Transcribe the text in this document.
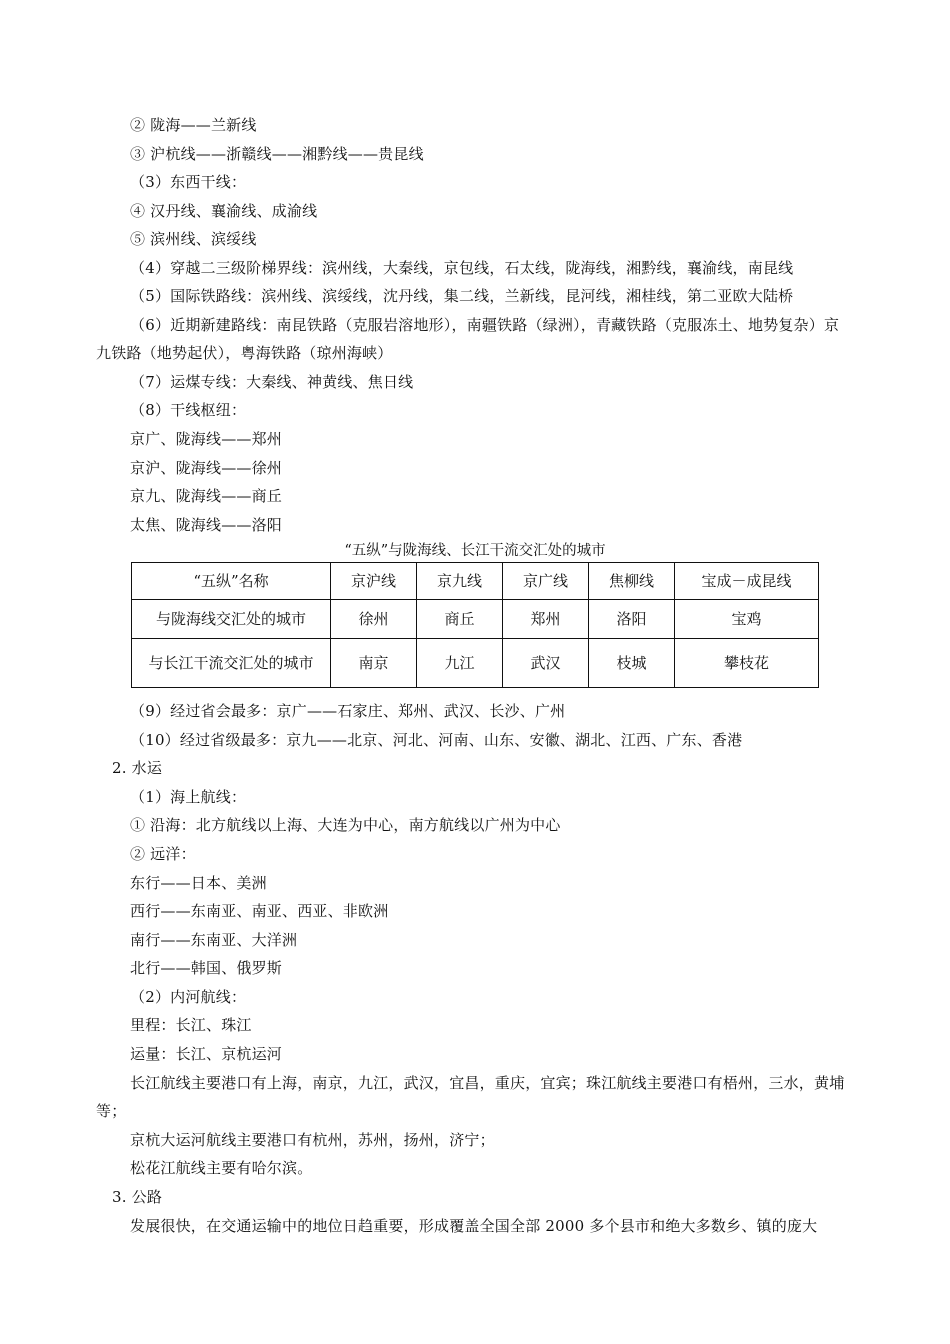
② 陇海——兰新线
③ 沪杭线——浙赣线——湘黔线——贵昆线
（3）东西干线：
④ 汉丹线、襄渝线、成渝线
⑤ 滨州线、滨绥线
（4）穿越二三级阶梯界线：滨州线，大秦线，京包线，石太线，陇海线，湘黔线，襄渝线，南昆线
（5）国际铁路线：滨州线、滨绥线，沈丹线，集二线，兰新线，昆河线，湘桂线，第二亚欧大陆桥
（6）近期新建路线：南昆铁路（克服岩溶地形），南疆铁路（绿洲），青藏铁路（克服冻土、地势复杂）京
九铁路（地势起伏），粤海铁路（琼州海峡）
（7）运煤专线：大秦线、神黄线、焦日线
（8）干线枢纽：
京广、陇海线——郑州
京沪、陇海线——徐州
京九、陇海线——商丘
太焦、陇海线——洛阳
“五纵”与陇海线、长江干流交汇处的城市
“五纵”名称	京沪线	京九线	京广线	焦柳线	宝成－成昆线
与陇海线交汇处的城市	徐州	商丘	郑州	洛阳	宝鸡
与长江干流交汇处的城市	南京	九江	武汉	枝城	攀枝花
（9）经过省会最多：京广——石家庄、郑州、武汉、长沙、广州
（10）经过省级最多：京九——北京、河北、河南、山东、安徽、湖北、江西、广东、香港
2. 水运
（1）海上航线：
① 沿海：北方航线以上海、大连为中心，南方航线以广州为中心
② 远洋：
东行——日本、美洲
西行——东南亚、南亚、西亚、非欧洲
南行——东南亚、大洋洲
北行——韩国、俄罗斯
（2）内河航线：
里程：长江、珠江
运量：长江、京杭运河
长江航线主要港口有上海，南京，九江，武汉，宜昌，重庆，宜宾；珠江航线主要港口有梧州，三水，黄埔
等；
京杭大运河航线主要港口有杭州，苏州，扬州，济宁；
松花江航线主要有哈尔滨。
3. 公路
发展很快，在交通运输中的地位日趋重要，形成覆盖全国全部 2000 多个县市和绝大多数乡、镇的庞大
